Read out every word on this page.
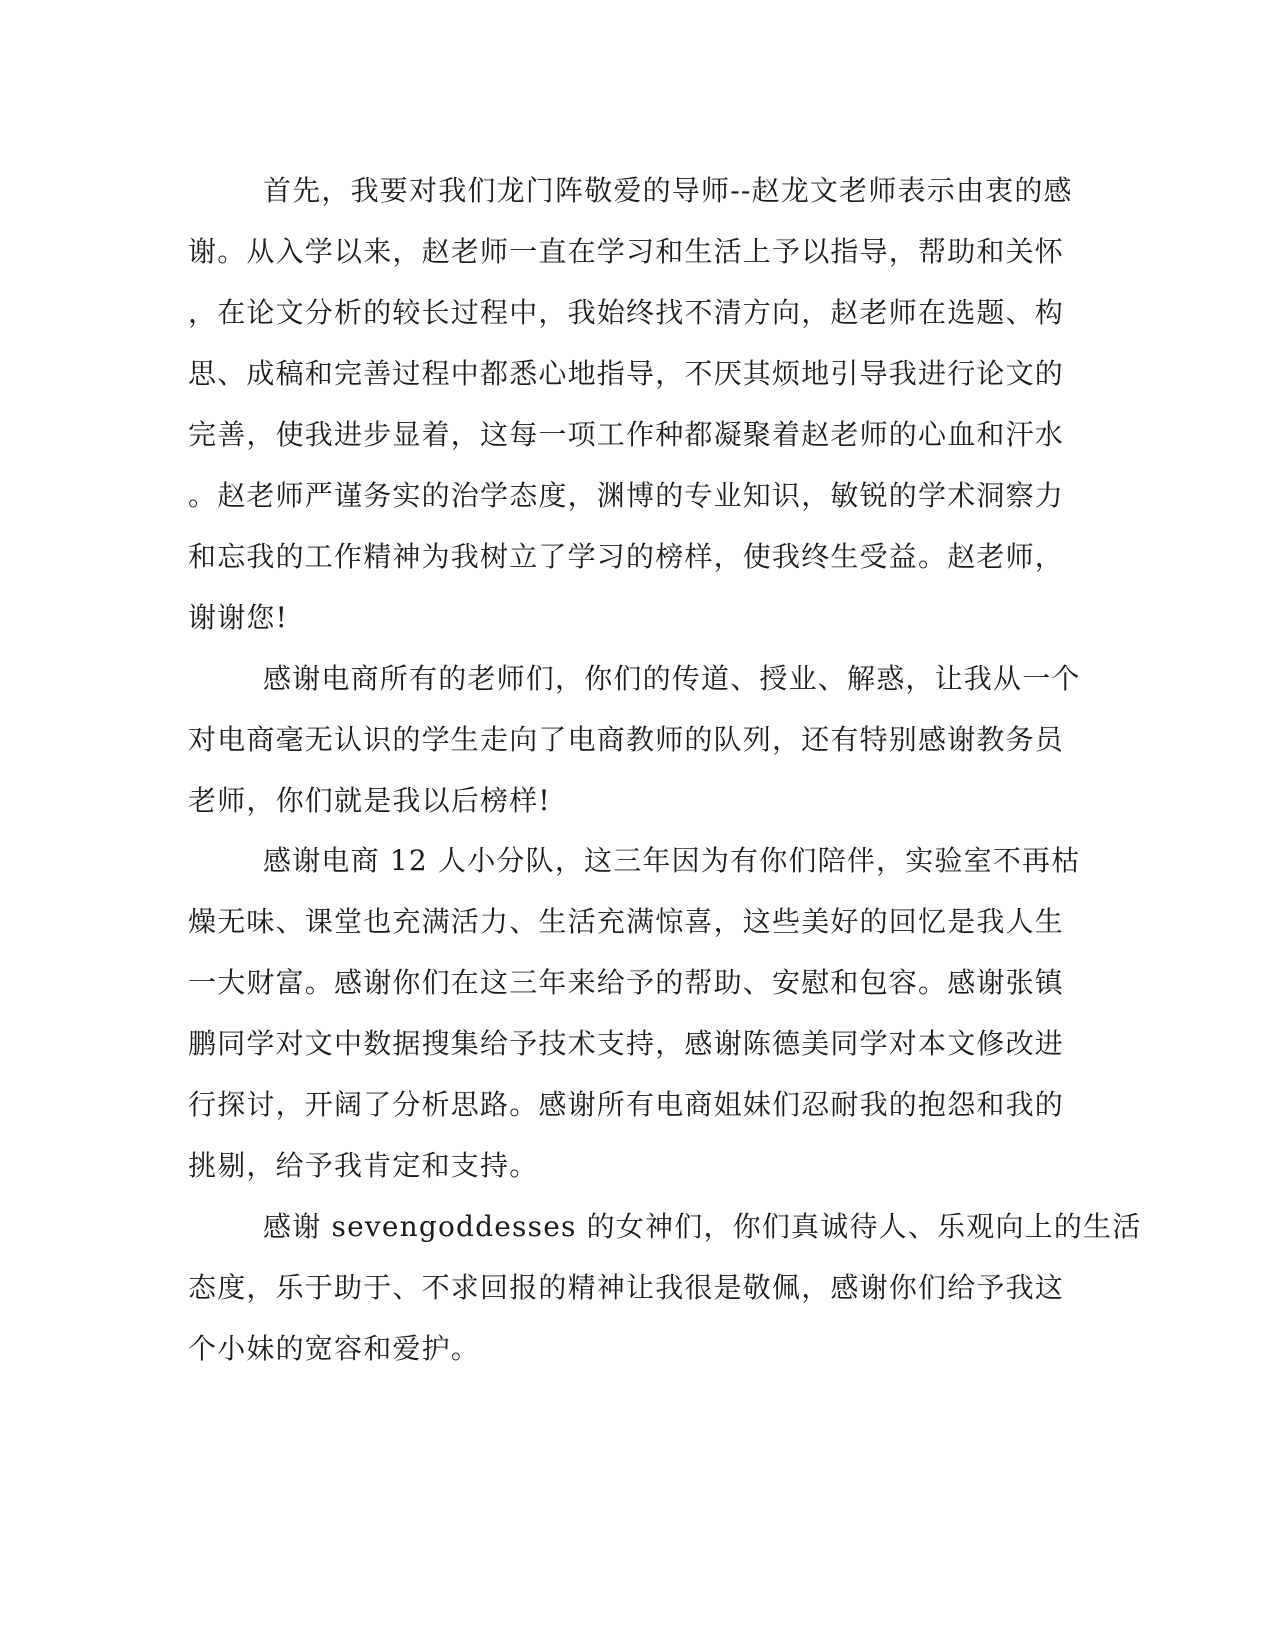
首先，我要对我们龙门阵敬爱的导师--赵龙文老师表示由衷的感
谢。从入学以来，赵老师一直在学习和生活上予以指导，帮助和关怀
，在论文分析的较长过程中，我始终找不清方向，赵老师在选题、构
思、成稿和完善过程中都悉心地指导，不厌其烦地引导我进行论文的
完善，使我进步显着，这每一项工作种都凝聚着赵老师的心血和汗水
。赵老师严谨务实的治学态度，渊博的专业知识，敏锐的学术洞察力
和忘我的工作精神为我树立了学习的榜样，使我终生受益。赵老师，
谢谢您!
感谢电商所有的老师们，你们的传道、授业、解惑，让我从一个
对电商毫无认识的学生走向了电商教师的队列，还有特别感谢教务员
老师，你们就是我以后榜样!
感谢电商 12 人小分队，这三年因为有你们陪伴，实验室不再枯
燥无味、课堂也充满活力、生活充满惊喜，这些美好的回忆是我人生
一大财富。感谢你们在这三年来给予的帮助、安慰和包容。感谢张镇
鹏同学对文中数据搜集给予技术支持，感谢陈德美同学对本文修改进
行探讨，开阔了分析思路。感谢所有电商姐妹们忍耐我的抱怨和我的
挑剔，给予我肯定和支持。
感谢 sevengoddesses 的女神们，你们真诚待人、乐观向上的生活
态度，乐于助于、不求回报的精神让我很是敬佩，感谢你们给予我这
个小妹的宽容和爱护。
